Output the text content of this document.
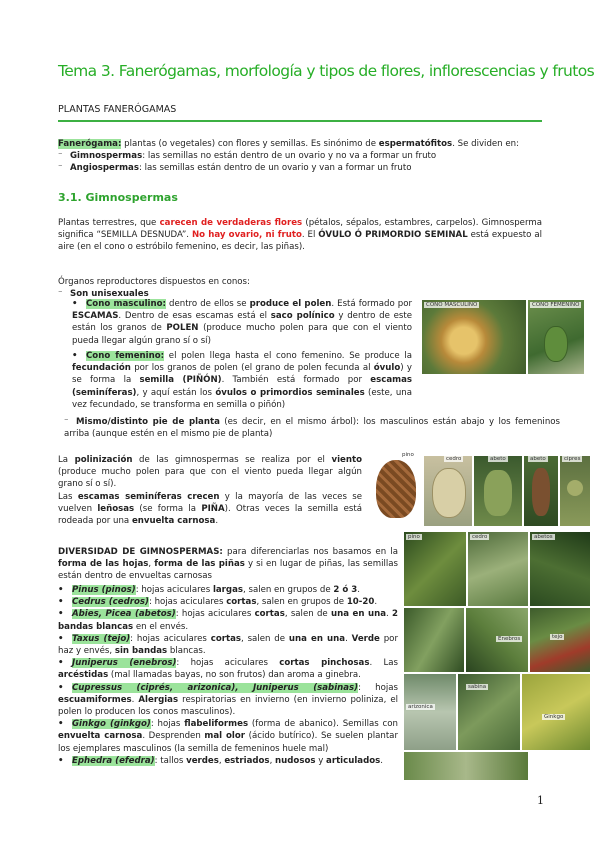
Tema 3. Fanerógamas, morfología y tipos de flores, inflorescencias y frutos
PLANTAS FANERÓGAMAS
Fanerógama: plantas (o vegetales) con flores y semillas. Es sinónimo de espermatófitos. Se dividen en:
⁻ Gimnospermas: las semillas no están dentro de un ovario y no va a formar un fruto
⁻ Angiospermas: las semillas están dentro de un ovario y van a formar un fruto
3.1. Gimnospermas
Plantas terrestres, que carecen de verdaderas flores (pétalos, sépalos, estambres, carpelos). Gimnosperma significa “SEMILLA DESNUDA”. No hay ovario, ni fruto. El ÓVULO Ó PRIMORDIO SEMINAL está expuesto al aire (en el cono o estróbilo femenino, es decir, las piñas).
Órganos reproductores dispuestos en conos:
⁻ Son unisexuales
• Cono masculino: dentro de ellos se produce el polen. Está formado por ESCAMAS. Dentro de esas escamas está el saco polínico y dentro de este están los granos de POLEN (produce mucho polen para que con el viento pueda llegar algún grano sí o sí)
• Cono femenino: el polen llega hasta el cono femenino. Se produce la fecundación por los granos de polen (el grano de polen fecunda al óvulo) y se forma la semilla (PIÑÓN). También está formado por escamas (seminíferas), y aquí están los óvulos o primordios seminales (este, una vez fecundado, se transforma en semilla o piñón)
CONO MASCULINO	CONO FEMENINO
⁻ Mismo/distinto pie de planta (es decir, en el mismo árbol): los masculinos están abajo y los femeninos arriba (aunque estén en el mismo pie de planta)
La polinización de las gimnospermas se realiza por el viento (produce mucho polen para que con el viento pueda llegar algún grano sí o sí).
Las escamas seminíferas crecen y la mayoría de las veces se vuelven leñosas (se forma la PIÑA). Otras veces la semilla está rodeada por una envuelta carnosa.
pino
cedro	abeto	abeto	cipres
DIVERSIDAD DE GIMNOSPERMAS: para diferenciarlas nos basamos en la forma de las hojas, forma de las piñas y si en lugar de piñas, las semillas están dentro de envueltas carnosas
• Pinus (pinos): hojas aciculares largas, salen en grupos de 2 ó 3.
• Cedrus (cedros): hojas aciculares cortas, salen en grupos de 10-20.
• Abies, Picea (abetos): hojas aciculares cortas, salen de una en una. 2 bandas blancas en el envés.
• Taxus (tejo): hojas aciculares cortas, salen de una en una. Verde por haz y envés, sin bandas blancas.
• Juniperus (enebros): hojas aciculares cortas pinchosas. Las arcéstidas (mal llamadas bayas, no son frutos) dan aroma a ginebra.
• Cupressus (ciprés, arizonica), Juniperus (sabinas): hojas escuamiformes. Alergias respiratorias en invierno (en invierno poliniza, el polen lo producen los conos masculinos).
• Ginkgo (ginkgo): hojas flabeliformes (forma de abanico). Semillas con envuelta carnosa. Desprenden mal olor (ácido butírico). Se suelen plantar los ejemplares masculinos (la semilla de femeninos huele mal)
• Ephedra (efedra): tallos verdes, estriados, nudosos y articulados.
pino	cedro	abetos
Enebros	tejo
arizonica
sabina
Ginkgo
1
